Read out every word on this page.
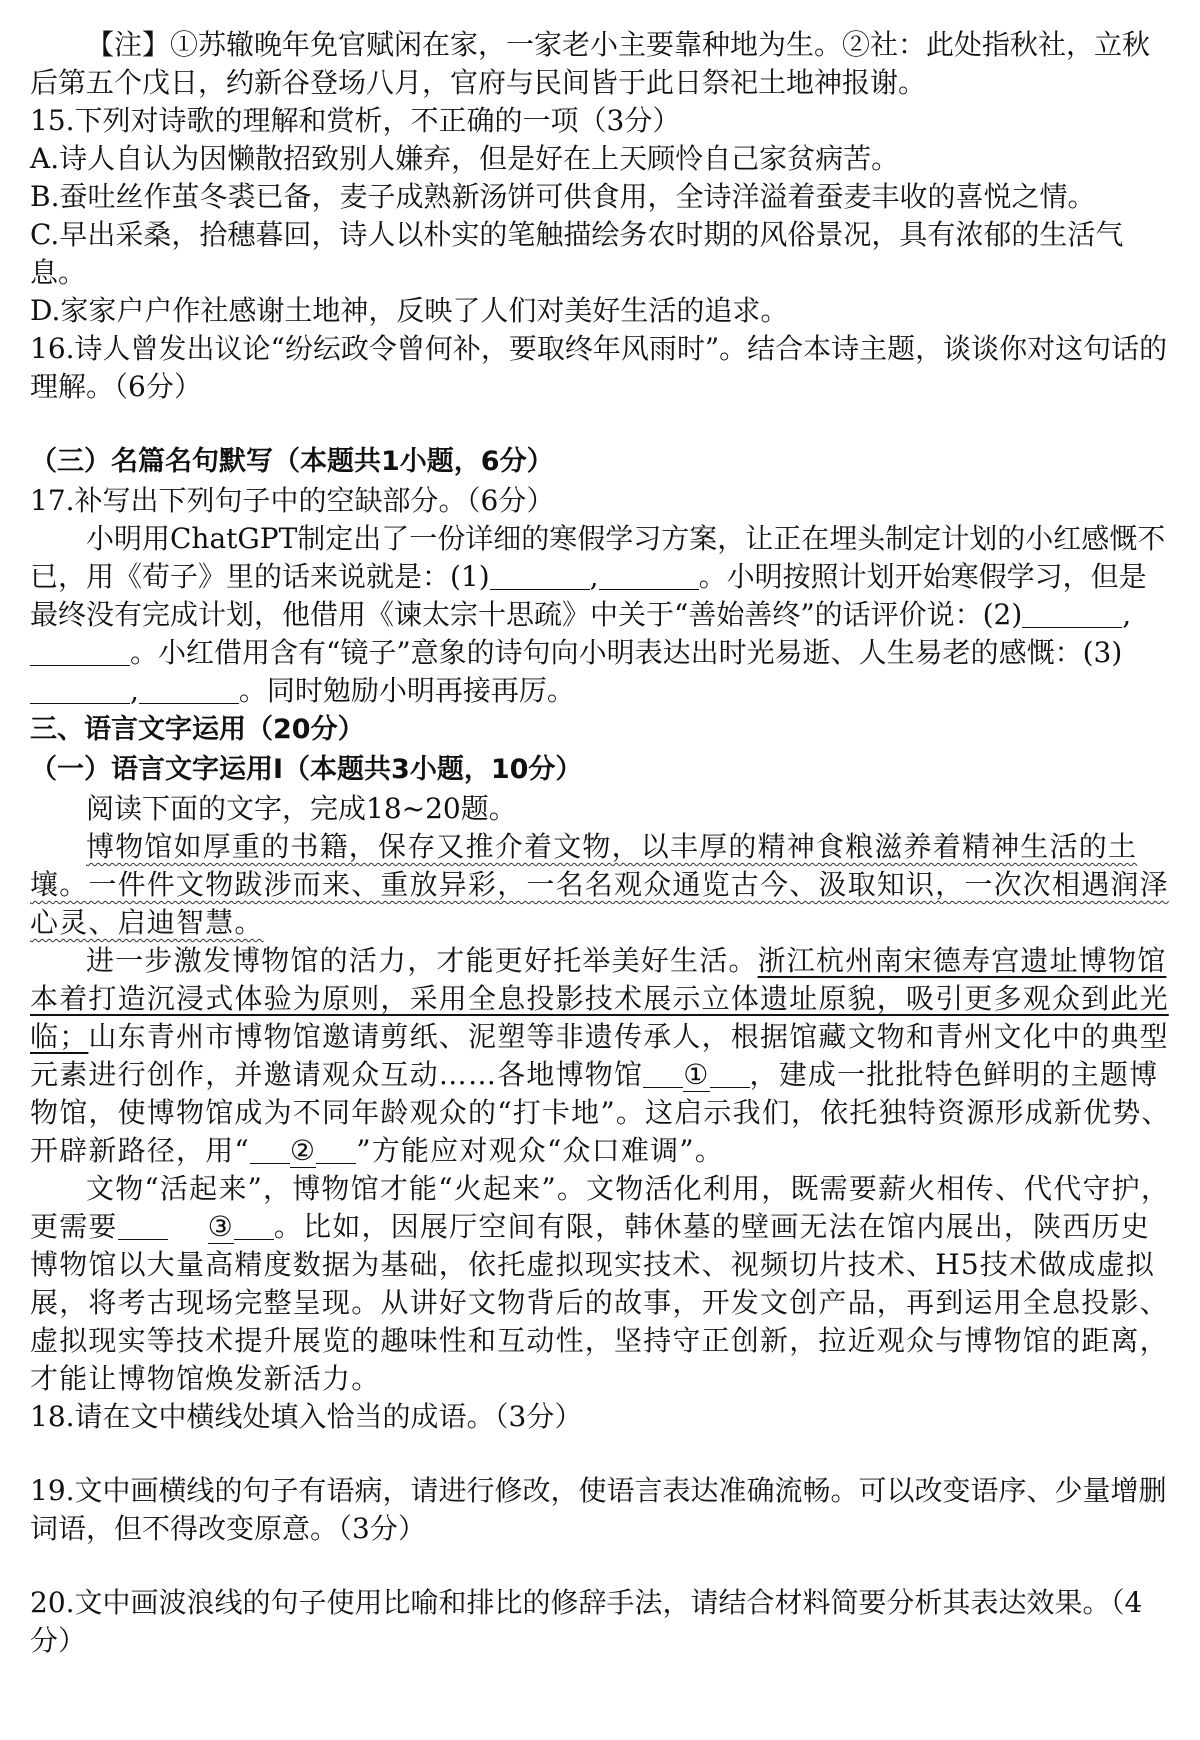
【注】①苏辙晚年免官赋闲在家，一家老小主要靠种地为生。②社：此处指秋社，立秋后第五个戊日，约新谷登场八月，官府与民间皆于此日祭祀土地神报谢。

15.下列对诗歌的理解和赏析，不正确的一项（3分）

A.诗人自认为因懒散招致别人嫌弃，但是好在上天顾怜自己家贫病苦。

B.蚕吐丝作茧冬裘已备，麦子成熟新汤饼可供食用，全诗洋溢着蚕麦丰收的喜悦之情。

C.早出采桑，拾穗暮回，诗人以朴实的笔触描绘务农时期的风俗景况，具有浓郁的生活气息。

D.家家户户作社感谢土地神，反映了人们对美好生活的追求。

16.诗人曾发出议论“纷纭政令曾何补，要取终年风雨时”。结合本诗主题，谈谈你对这句话的理解。（6分）

（三）名篇名句默写（本题共1小题，6分）

17.补写出下列句子中的空缺部分。（6分）

小明用ChatGPT制定出了一份详细的寒假学习方案，让正在埋头制定计划的小红感慨不已，用《荀子》里的话来说就是：(1)	,	。小明按照计划开始寒假学习，但是最终没有完成计划，他借用《谏太宗十思疏》中关于“善始善终”的话评价说：(2)	,。小红借用含有“镜子”意象的诗句向小明表达出时光易逝、人生易老的感慨：(3),	。同时勉励小明再接再厉。

三、语言文字运用（20分）

（一）语言文字运用Ⅰ（本题共3小题，10分）

阅读下面的文字，完成18~20题。

博物馆如厚重的书籍，保存又推介着文物，以丰厚的精神食粮滋养着精神生活的土壤。一件件文物跋涉而来、重放异彩，一名名观众通览古今、汲取知识，一次次相遇润泽心灵、启迪智慧。

进一步激发博物馆的活力，才能更好托举美好生活。浙江杭州南宋德寿宫遗址博物馆本着打造沉浸式体验为原则，采用全息投影技术展示立体遗址原貌，吸引更多观众到此光临；山东青州市博物馆邀请剪纸、泥塑等非遗传承人，根据馆藏文物和青州文化中的典型元素进行创作，并邀请观众互动……各地博物馆 ① ，建成一批批特色鲜明的主题博物馆，使博物馆成为不同年龄观众的“打卡地”。这启示我们，依托独特资源形成新优势、开辟新路径，用“ ② ”方能应对观众“众口难调”。

文物“活起来”，博物馆才能“火起来”。文物活化利用，既需要薪火相传、代代守护，更需要	③ 。比如，因展厅空间有限，韩休墓的壁画无法在馆内展出，陕西历史博物馆以大量高精度数据为基础，依托虚拟现实技术、视频切片技术、H5技术做成虚拟展，将考古现场完整呈现。从讲好文物背后的故事，开发文创产品，再到运用全息投影、虚拟现实等技术提升展览的趣味性和互动性，坚持守正创新，拉近观众与博物馆的距离，才能让博物馆焕发新活力。

18.请在文中横线处填入恰当的成语。（3分）

19.文中画横线的句子有语病，请进行修改，使语言表达准确流畅。可以改变语序、少量增删词语，但不得改变原意。（3分）

20.文中画波浪线的句子使用比喻和排比的修辞手法，请结合材料简要分析其表达效果。（4分）
